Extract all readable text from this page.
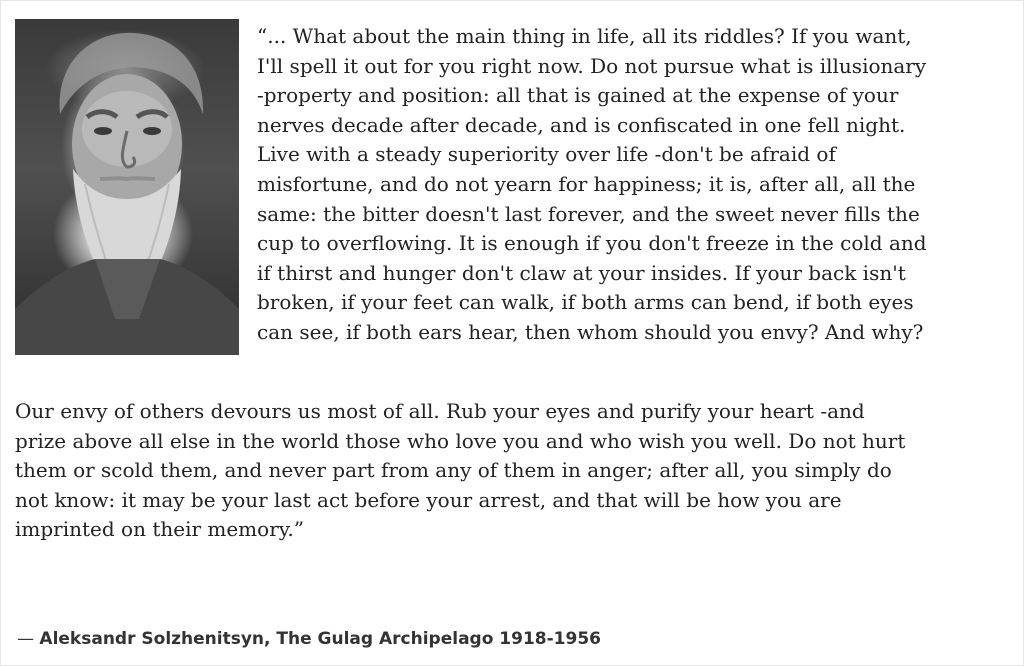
“... What about the main thing in life, all its riddles? If you want,
I'll spell it out for you right now. Do not pursue what is illusionary
-property and position: all that is gained at the expense of your
nerves decade after decade, and is confiscated in one fell night.
Live with a steady superiority over life -don't be afraid of
misfortune, and do not yearn for happiness; it is, after all, all the
same: the bitter doesn't last forever, and the sweet never fills the
cup to overflowing. It is enough if you don't freeze in the cold and
if thirst and hunger don't claw at your insides. If your back isn't
broken, if your feet can walk, if both arms can bend, if both eyes
can see, if both ears hear, then whom should you envy? And why?
Our envy of others devours us most of all. Rub your eyes and purify your heart -and
prize above all else in the world those who love you and who wish you well. Do not hurt
them or scold them, and never part from any of them in anger; after all, you simply do
not know: it may be your last act before your arrest, and that will be how you are
imprinted on their memory.”
— Aleksandr Solzhenitsyn, The Gulag Archipelago 1918-1956
